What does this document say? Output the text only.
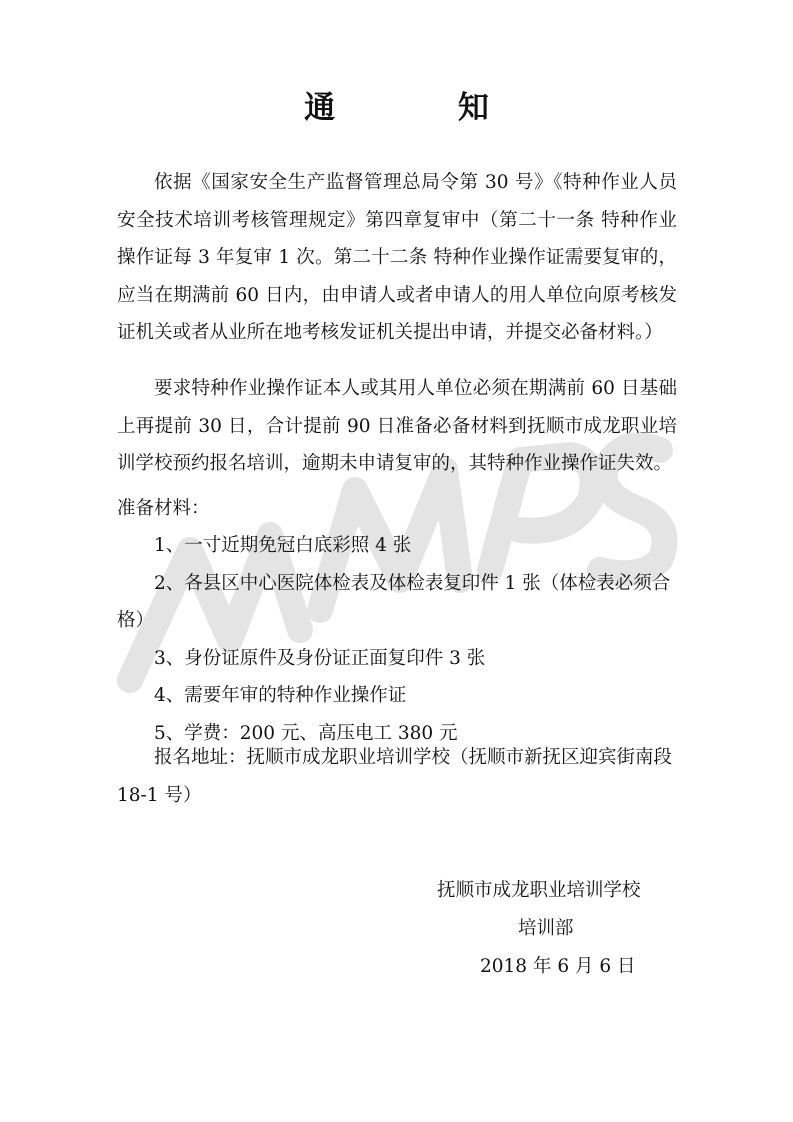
通 知
依据《国家安全生产监督管理总局令第 30 号》《特种作业人员安全技术培训考核管理规定》第四章复审中（第二十一条 特种作业操作证每 3 年复审 1 次。第二十二条 特种作业操作证需要复审的，应当在期满前 60 日内，由申请人或者申请人的用人单位向原考核发证机关或者从业所在地考核发证机关提出申请，并提交必备材料。）
要求特种作业操作证本人或其用人单位必须在期满前 60 日基础上再提前 30 日，合计提前 90 日准备必备材料到抚顺市成龙职业培训学校预约报名培训，逾期未申请复审的，其特种作业操作证失效。
准备材料：
1、一寸近期免冠白底彩照 4 张
2、各县区中心医院体检表及体检表复印件 1 张（体检表必须合格）
3、身份证原件及身份证正面复印件 3 张
4、需要年审的特种作业操作证
5、学费：200 元、高压电工 380 元
报名地址：抚顺市成龙职业培训学校（抚顺市新抚区迎宾街南段 18-1 号）
抚顺市成龙职业培训学校
培训部
2018 年 6 月 6 日
